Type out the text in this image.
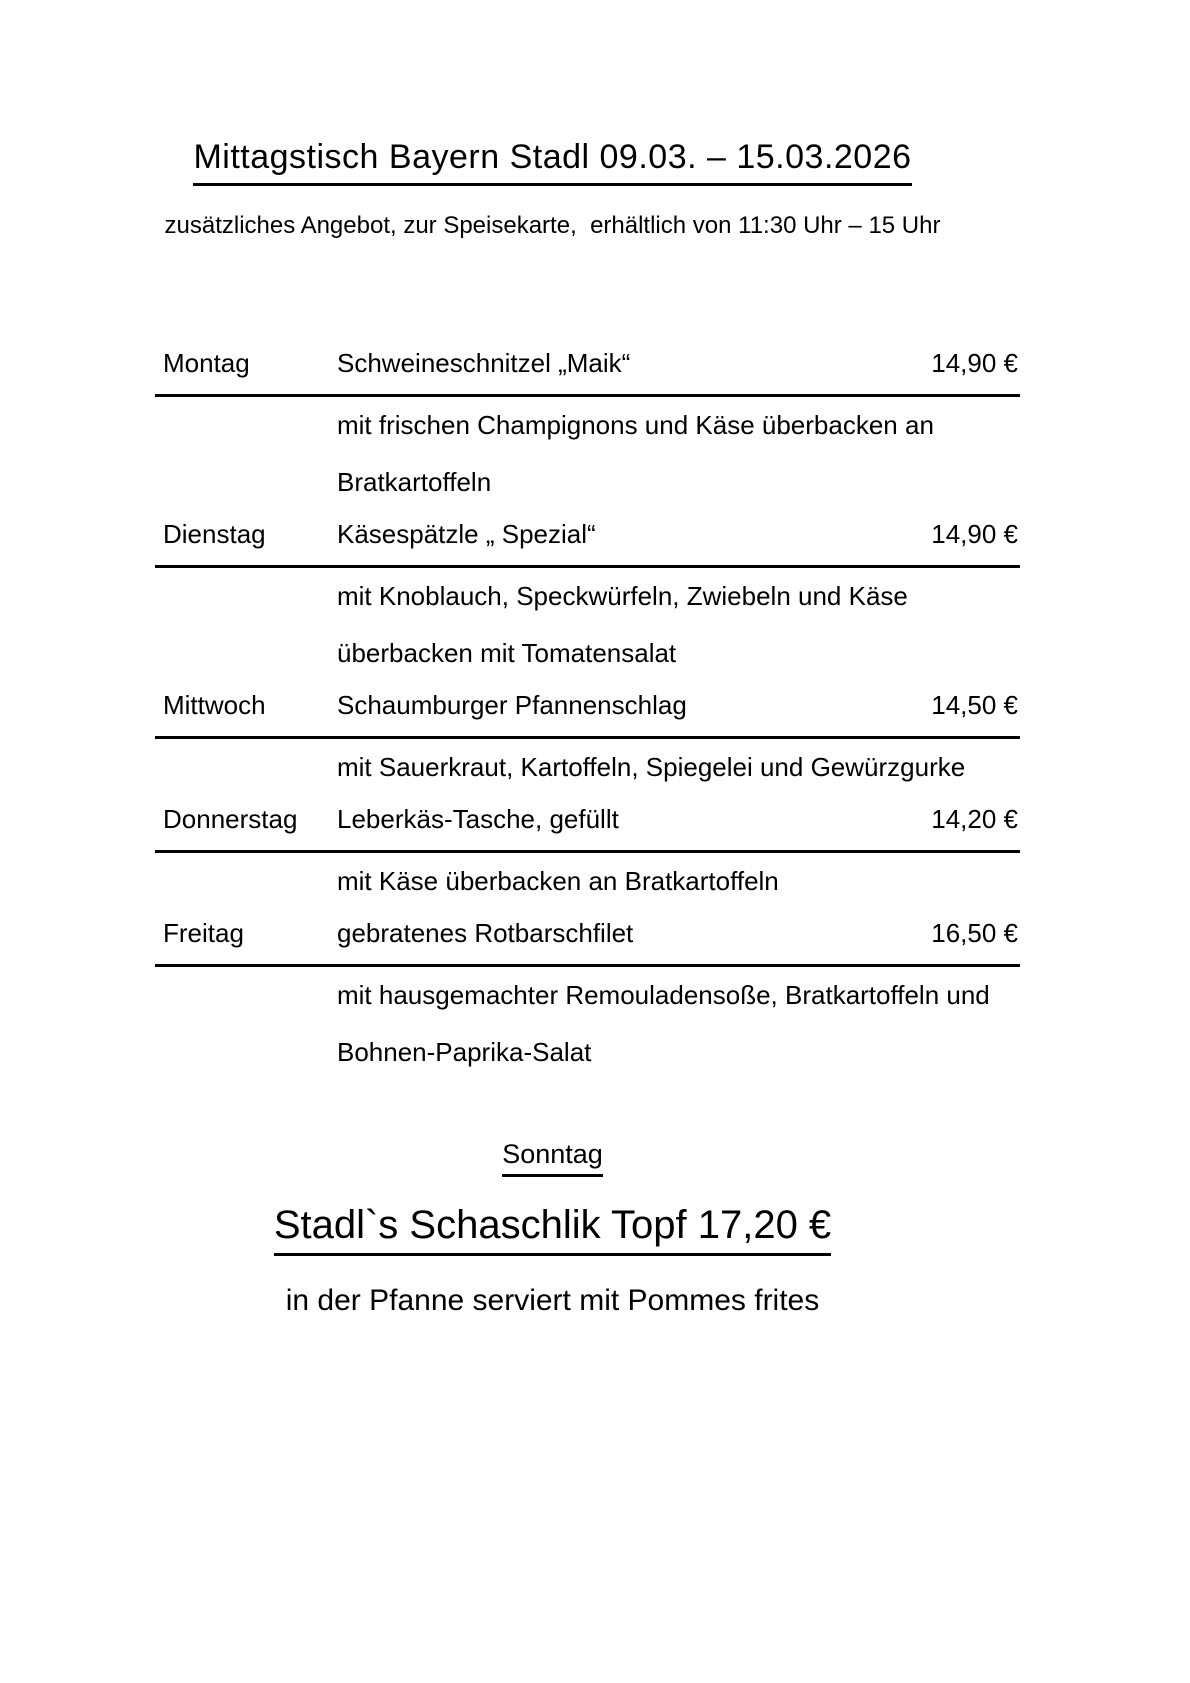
Mittagstisch Bayern Stadl 09.03. – 15.03.2026
zusätzliches Angebot, zur Speisekarte,  erhältlich von 11:30 Uhr – 15 Uhr
Montag	Schweineschnitzel „Maik“	14,90 €
mit frischen Champignons und Käse überbacken an
Bratkartoffeln
Dienstag	Käsespätzle „ Spezial“	14,90 €
mit Knoblauch, Speckwürfeln, Zwiebeln und Käse
überbacken mit Tomatensalat
Mittwoch	Schaumburger Pfannenschlag	14,50 €
mit Sauerkraut, Kartoffeln, Spiegelei und Gewürzgurke
Donnerstag	Leberkäs-Tasche, gefüllt	14,20 €
mit Käse überbacken an Bratkartoffeln
Freitag	gebratenes Rotbarschfilet	16,50 €
mit hausgemachter Remouladensoße, Bratkartoffeln und
Bohnen-Paprika-Salat
Sonntag
Stadl`s Schaschlik Topf 17,20 €
in der Pfanne serviert mit Pommes frites
